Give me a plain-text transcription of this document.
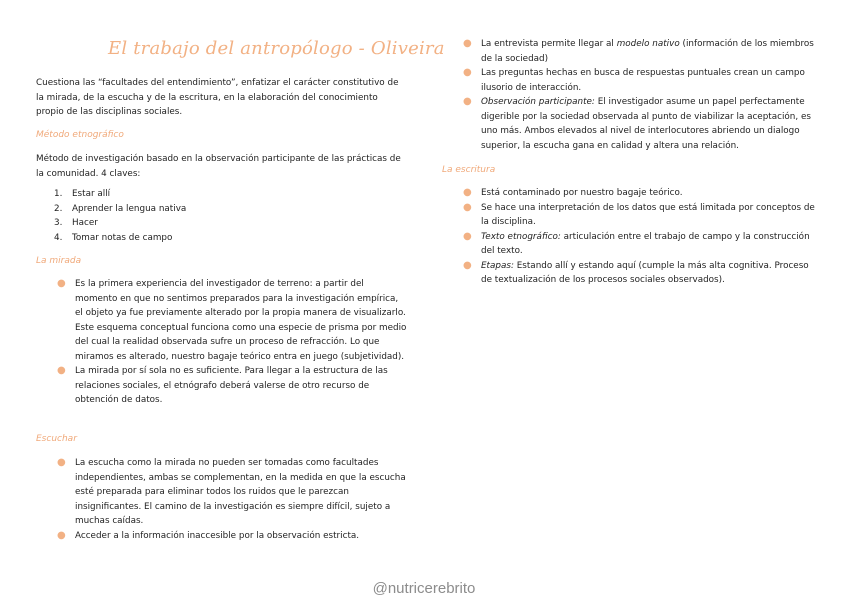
El trabajo del antropólogo - Oliveira

Cuestiona las “facultades del entendimiento”, enfatizar el carácter constitutivo de la mirada, de la escucha y de la escritura, en la elaboración del conocimiento propio de las disciplinas sociales.

Método etnográfico

Método de investigación basado en la observación participante de las prácticas de la comunidad. 4 claves:

1. Estar allí
2. Aprender la lengua nativa
3. Hacer
4. Tomar notas de campo

La mirada

● Es la primera experiencia del investigador de terreno: a partir del momento en que no sentimos preparados para la investigación empírica, el objeto ya fue previamente alterado por la propia manera de visualizarlo. Este esquema conceptual funciona como una especie de prisma por medio del cual la realidad observada sufre un proceso de refracción. Lo que miramos es alterado, nuestro bagaje teórico entra en juego (subjetividad).
● La mirada por sí sola no es suficiente. Para llegar a la estructura de las relaciones sociales, el etnógrafo deberá valerse de otro recurso de obtención de datos.

Escuchar

● La escucha como la mirada no pueden ser tomadas como facultades independientes, ambas se complementan, en la medida en que la escucha esté preparada para eliminar todos los ruidos que le parezcan insignificantes. El camino de la investigación es siempre difícil, sujeto a muchas caídas.
● Acceder a la información inaccesible por la observación estricta.
● La entrevista permite llegar al modelo nativo (información de los miembros de la sociedad)
● Las preguntas hechas en busca de respuestas puntuales crean un campo ilusorio de interacción.
● Observación participante: El investigador asume un papel perfectamente digerible por la sociedad observada al punto de viabilizar la aceptación, es uno más. Ambos elevados al nivel de interlocutores abriendo un dialogo superior, la escucha gana en calidad y altera una relación.

La escritura

● Está contaminado por nuestro bagaje teórico.
● Se hace una interpretación de los datos que está limitada por conceptos de la disciplina.
● Texto etnográfico: articulación entre el trabajo de campo y la construcción del texto.
● Etapas: Estando allí y estando aquí (cumple la más alta cognitiva. Proceso de textualización de los procesos sociales observados).
@nutricerebrito
